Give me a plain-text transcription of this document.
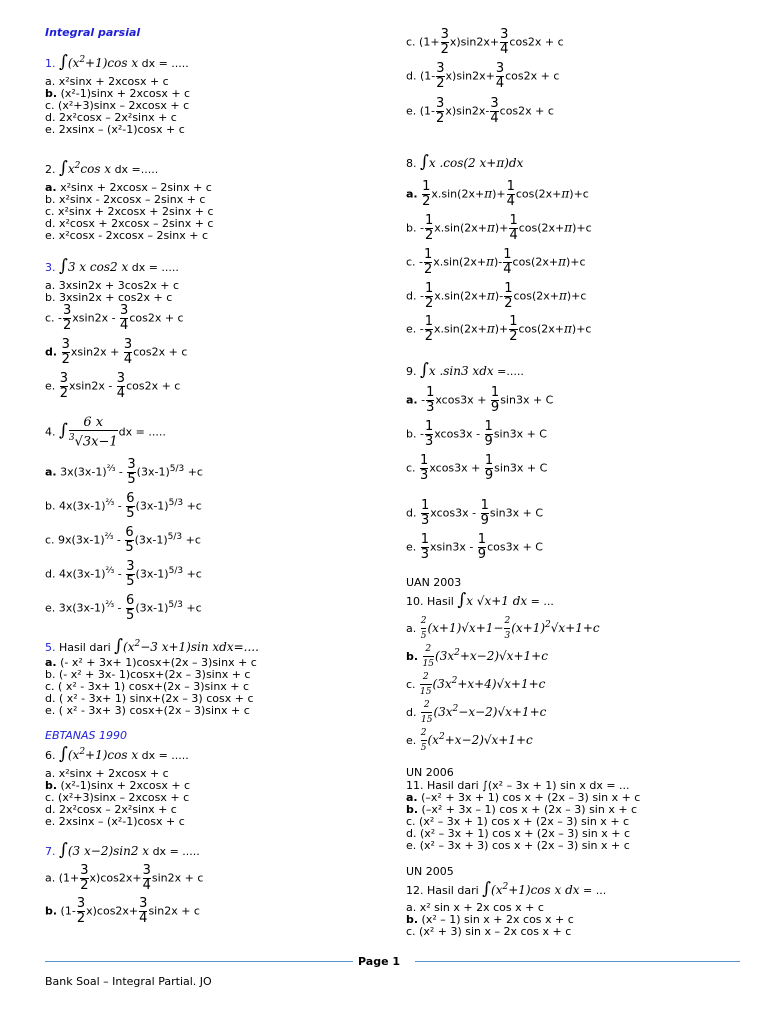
Integral parsial
1. $\int(x^2+1)\cos$ x dx = .....
a. x²sinx + 2xcosx + c
b. (x²-1)sinx + 2xcosx + c
c. (x²+3)sinx – 2xcosx + c
d. 2x²cosx – 2x²sinx + c
e. 2xsinx – (x²-1)cosx + c
2. $\int x^2\cos$ x dx =.....
a. x²sinx + 2xcosx – 2sinx + c
b. x²sinx - 2xcosx – 2sinx + c
c. x²sinx + 2xcosx + 2sinx + c
d. x²cosx + 2xcosx – 2sinx + c
e. x²cosx - 2xcosx – 2sinx + c
3. ∫3 x cos2 x dx = .....
a. 3xsin2x + 3cos2x + c
b. 3xsin2x + cos2x + c
c. - $\frac{3}{2} xsin2x - \frac{3}{4} \cos 2x + c$
d. $\frac{3}{2} xsin2x + \frac{3}{4} \cos 2x + c$
e. $\frac{3}{2} xsin2x - \frac{3}{4} \cos 2x + c$
4. ∫ $\frac{6 x}{^3√3x-1}$ dx = .....
a. $3x(3x-1)^{\frac{2}{3}} - \frac{3}{5} (3x-1)^{5/3} +c$
b. $4x(3x-1)^{\frac{2}{3}} - \frac{6}{5} (3x-1)^{5/3} +c$
c. $9x(3x-1)^{\frac{2}{3}} - \frac{6}{5} (3x-1)^{5/3} +c$
d. $4x(3x-1)^{\frac{2}{3}} - \frac{3}{5} (3x-1)^{5/3} +c$
e. $3x(3x-1)^{\frac{2}{3}} - \frac{6}{5} (3x-1)^{5/3} +c$
5. Hasil dari $\int(x^2-3$ x+1)sin xdx=....
a. (- x² + 3x+ 1)cosx+(2x – 3)sinx + c
b. (- x² + 3x- 1)cosx+(2x – 3)sinx + c
c. ( x² - 3x+ 1) cosx+(2x – 3)sinx + c
d. ( x² - 3x+ 1) sinx+(2x – 3) cosx + c
e. ( x² - 3x+ 3) cosx+(2x – 3)sinx + c
EBTANAS 1990
6. $\int(x^2+1)\cos$ x dx = .....
a. x²sinx + 2xcosx + c
b. (x²-1)sinx + 2xcosx + c
c. (x²+3)sinx – 2xcosx + c
d. 2x²cosx – 2x²sinx + c
e. 2xsinx – (x²-1)cosx + c
7. ∫(3 x−2)sin2 x dx = .....
a. $(1+ \frac{3}{2} x)\cos 2x+ \frac{3}{4} \sin 2x + c$
b. $(1- \frac{3}{2} x)\cos 2x+ \frac{3}{4} \sin 2x + c$
c. $(1+ \frac{3}{2} x)\sin 2x+ \frac{3}{4} \cos 2x + c$
d. $(1- \frac{3}{2} x)\sin 2x+ \frac{3}{4} \cos 2x + c$
e. $(1- \frac{3}{2} x)\sin 2x- \frac{3}{4} \cos 2x + c$
8. ∫x .cos(2 x+π)dx
a. $\frac{1}{2} x.\sin(2x+\pi)+ \frac{1}{4} \cos(2x+\pi)+c$
b. - $\frac{1}{2} x.\sin(2x+\pi)+ \frac{1}{4} \cos(2x+\pi)+c$
c. - $\frac{1}{2} x.\sin(2x+\pi)- \frac{1}{4} \cos(2x+\pi)+c$
d. - $\frac{1}{2} x.\sin(2x+\pi)- \frac{1}{2} \cos(2x+\pi)+c$
e. - $\frac{1}{2} x.\sin(2x+\pi)+ \frac{1}{2} \cos(2x+\pi)+c$
9. ∫x .sin3 xdx =.....
a. - $\frac{1}{3} xcos3x + \frac{1}{9} \sin 3x + C$
b. - $\frac{1}{3} xcos3x - \frac{1}{9} \sin 3x + C$
c. $\frac{1}{3} xcos3x + \frac{1}{9} \sin 3x + C$
d. $\frac{1}{3} xcos3x - \frac{1}{9} \sin 3x + C$
e. $\frac{1}{3} xsin3x - \frac{1}{9} \cos 3x + C$
UAN 2003
10. Hasil ∫x √x+1 dx = ...
a. $\frac{2}{5} (x+1)√x+1- \frac{2}{3} (x+1)^2√x+1+c$
b. $\frac{2}{15} (3x^2+x-2)√x+1+c$
c. $\frac{2}{15} (3x^2+x+4)√x+1+c$
d. $\frac{2}{15} (3x^2-x-2)√x+1+c$
e. $\frac{2}{5} (x^2+x-2)√x+1+c$
UN 2006
11. Hasil dari ∫(x² – 3x + 1) sin x dx = ...
a. (–x² + 3x + 1) cos x + (2x – 3) sin x + c
b. (–x² + 3x – 1) cos x + (2x – 3) sin x + c
c. (x² – 3x + 1) cos x + (2x – 3) sin x + c
d. (x² – 3x + 1) cos x + (2x – 3) sin x + c
e. (x² – 3x + 3) cos x + (2x – 3) sin x + c
UN 2005
12. Hasil dari $\int(x^2+1)\cos$ x dx = ...
a. x² sin x + 2x cos x + c
b. (x² – 1) sin x + 2x cos x + c
c. (x² + 3) sin x – 2x cos x + c
Page 1
Bank Soal – Integral Partial. JO
